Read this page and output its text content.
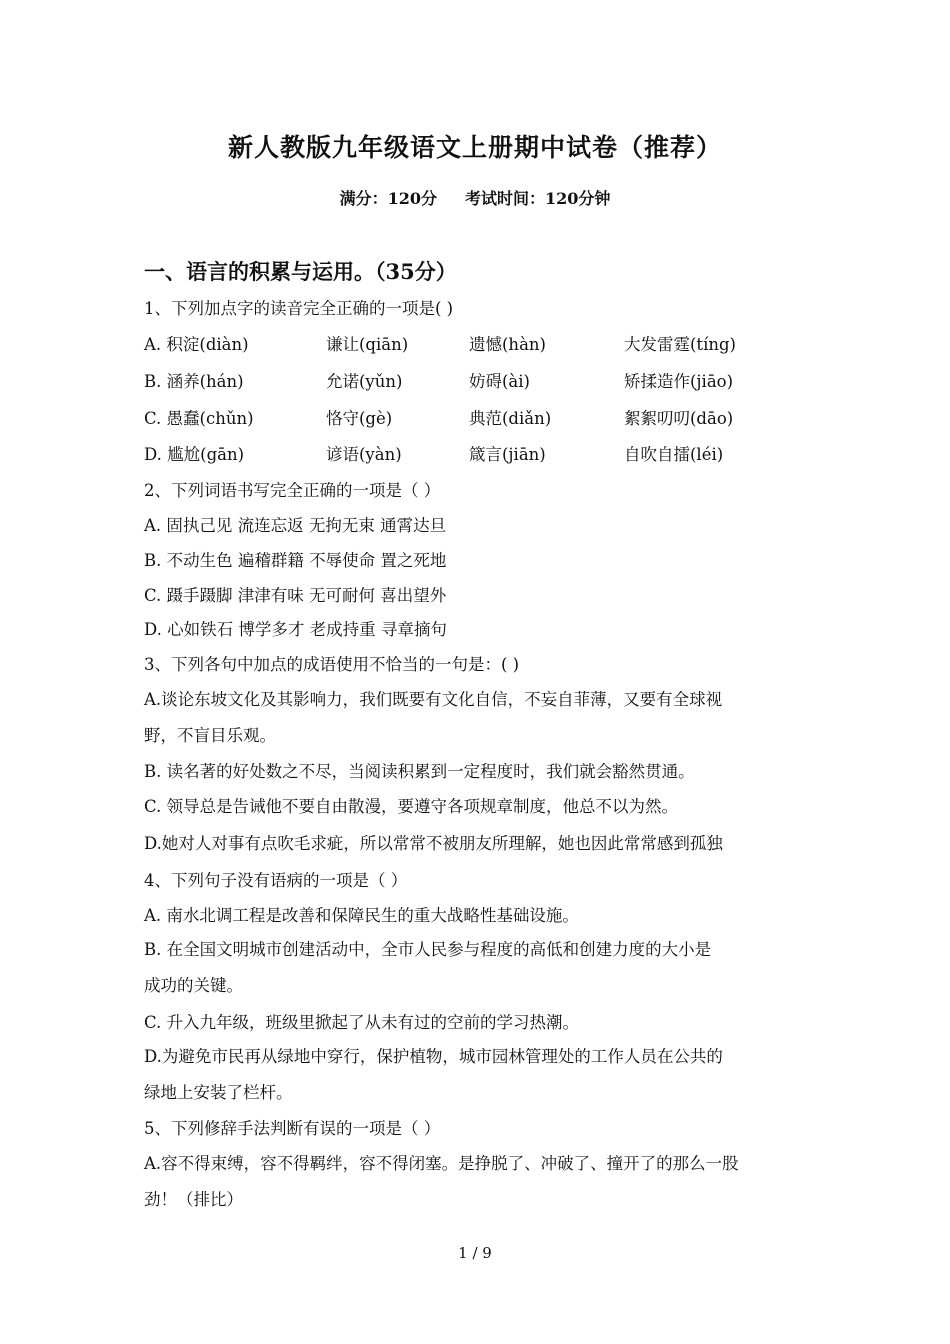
新人教版九年级语文上册期中试卷（推荐）
满分：120分 考试时间：120分钟
一、语言的积累与运用。（35分）
1、下列加点字的读音完全正确的一项是( )
A. 积淀(diàn)	谦让(qiān)	遗憾(hàn)	大发雷霆(tíng)
B. 涵养(hán)	允诺(yǔn)	妨碍(ài)	矫揉造作(jiāo)
C. 愚蠢(chǔn)	恪守(gè)	典范(diǎn)	絮絮叨叨(dāo)
D. 尴尬(gān)	谚语(yàn)	箴言(jiān)	自吹自擂(léi)
2、下列词语书写完全正确的一项是（ ）
A. 固执己见 流连忘返 无拘无束 通霄达旦
B. 不动生色 遍稽群籍 不辱使命 置之死地
C. 蹑手蹑脚 津津有味 无可耐何 喜出望外
D. 心如铁石 博学多才 老成持重 寻章摘句
3、下列各句中加点的成语使用不恰当的一句是：( )
A.谈论东坡文化及其影响力，我们既要有文化自信，不妄自菲薄，又要有全球视
野，不盲目乐观。
B. 读名著的好处数之不尽，当阅读积累到一定程度时，我们就会豁然贯通。
C. 领导总是告诫他不要自由散漫，要遵守各项规章制度，他总不以为然。
D.她对人对事有点吹毛求疵，所以常常不被朋友所理解，她也因此常常感到孤独
4、下列句子没有语病的一项是（ ）
A. 南水北调工程是改善和保障民生的重大战略性基础设施。
B. 在全国文明城市创建活动中，全市人民参与程度的高低和创建力度的大小是
成功的关键。
C. 升入九年级，班级里掀起了从未有过的空前的学习热潮。
D.为避免市民再从绿地中穿行，保护植物，城市园林管理处的工作人员在公共的
绿地上安装了栏杆。
5、下列修辞手法判断有误的一项是（ ）
A.容不得束缚，容不得羁绊，容不得闭塞。是挣脱了、冲破了、撞开了的那么一股
劲！（排比）
1 / 9
